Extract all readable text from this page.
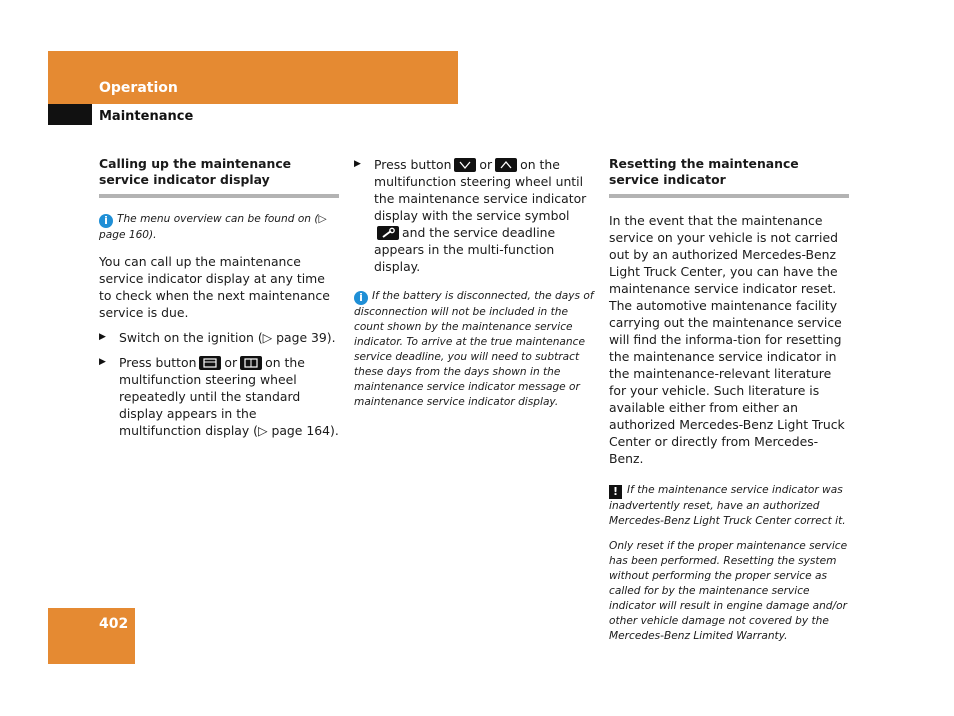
Operation
Maintenance
Calling up the maintenance service indicator display
i The menu overview can be found on (▷ page 160).

You can call up the maintenance service indicator display at any time to check when the next maintenance service is due.

▶ Switch on the ignition (▷ page 39).
▶ Press button or on the multifunction steering wheel repeatedly until the standard display appears in the multifunction display (▷ page 164).
▶ Press button or on the multifunction steering wheel until the maintenance service indicator display with the service symbol
and the service deadline appears in the multi-function display.
i If the battery is disconnected, the days of disconnection will not be included in the count shown by the maintenance service indicator. To arrive at the true maintenance service deadline, you will need to subtract these days from the days shown in the maintenance service indicator message or maintenance service indicator display.
Resetting the maintenance service indicator

In the event that the maintenance service on your vehicle is not carried out by an authorized Mercedes-Benz Light Truck Center, you can have the maintenance service indicator reset. The automotive maintenance facility carrying out the maintenance service will find the informa-tion for resetting the maintenance service indicator in the maintenance-relevant literature for your vehicle. Such literature is available either from either an authorized Mercedes-Benz Light Truck Center or directly from Mercedes-Benz.

! If the maintenance service indicator was inadvertently reset, have an authorized Mercedes-Benz Light Truck Center correct it.
Only reset if the proper maintenance service has been performed. Resetting the system without performing the proper service as called for by the maintenance service indicator will result in engine damage and/or other vehicle damage not covered by the Mercedes-Benz Limited Warranty.
402
